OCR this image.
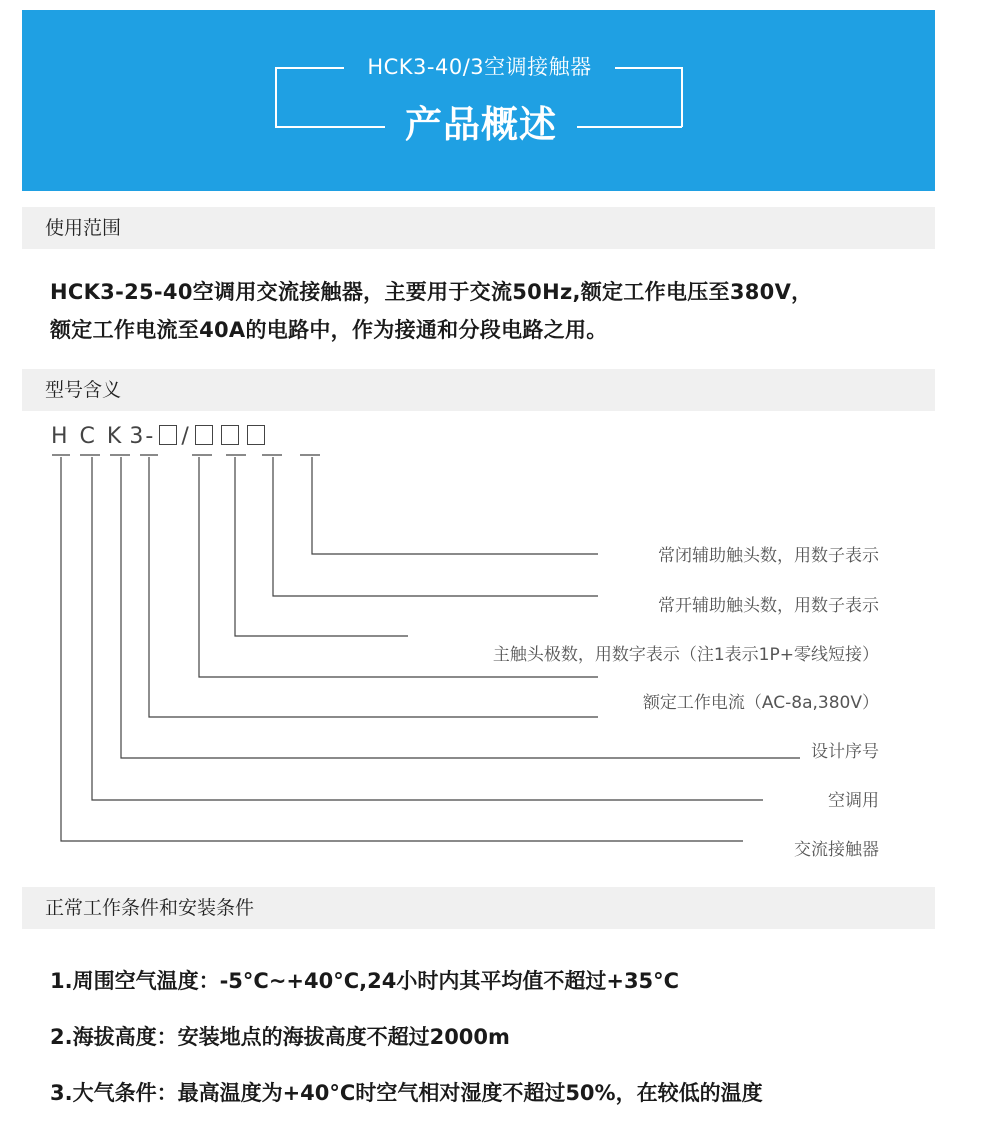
HCK3-40/3空调接触器
产品概述
使用范围
HCK3-25-40空调用交流接触器，主要用于交流50Hz,额定工作电压至380V，
额定工作电流至40A的电路中，作为接通和分段电路之用。
型号含义
H C K 3- /
常闭辅助触头数，用数子表示
常开辅助触头数，用数子表示
主触头极数，用数字表示（注1表示1P+零线短接）
额定工作电流（AC-8a,380V）
设计序号
空调用
交流接触器
正常工作条件和安装条件
1.周围空气温度：-5°C~+40°C,24小时内其平均值不超过+35°C
2.海拔高度：安装地点的海拔高度不超过2000m
3.大气条件：最高温度为+40°C时空气相对湿度不超过50%，在较低的温度
